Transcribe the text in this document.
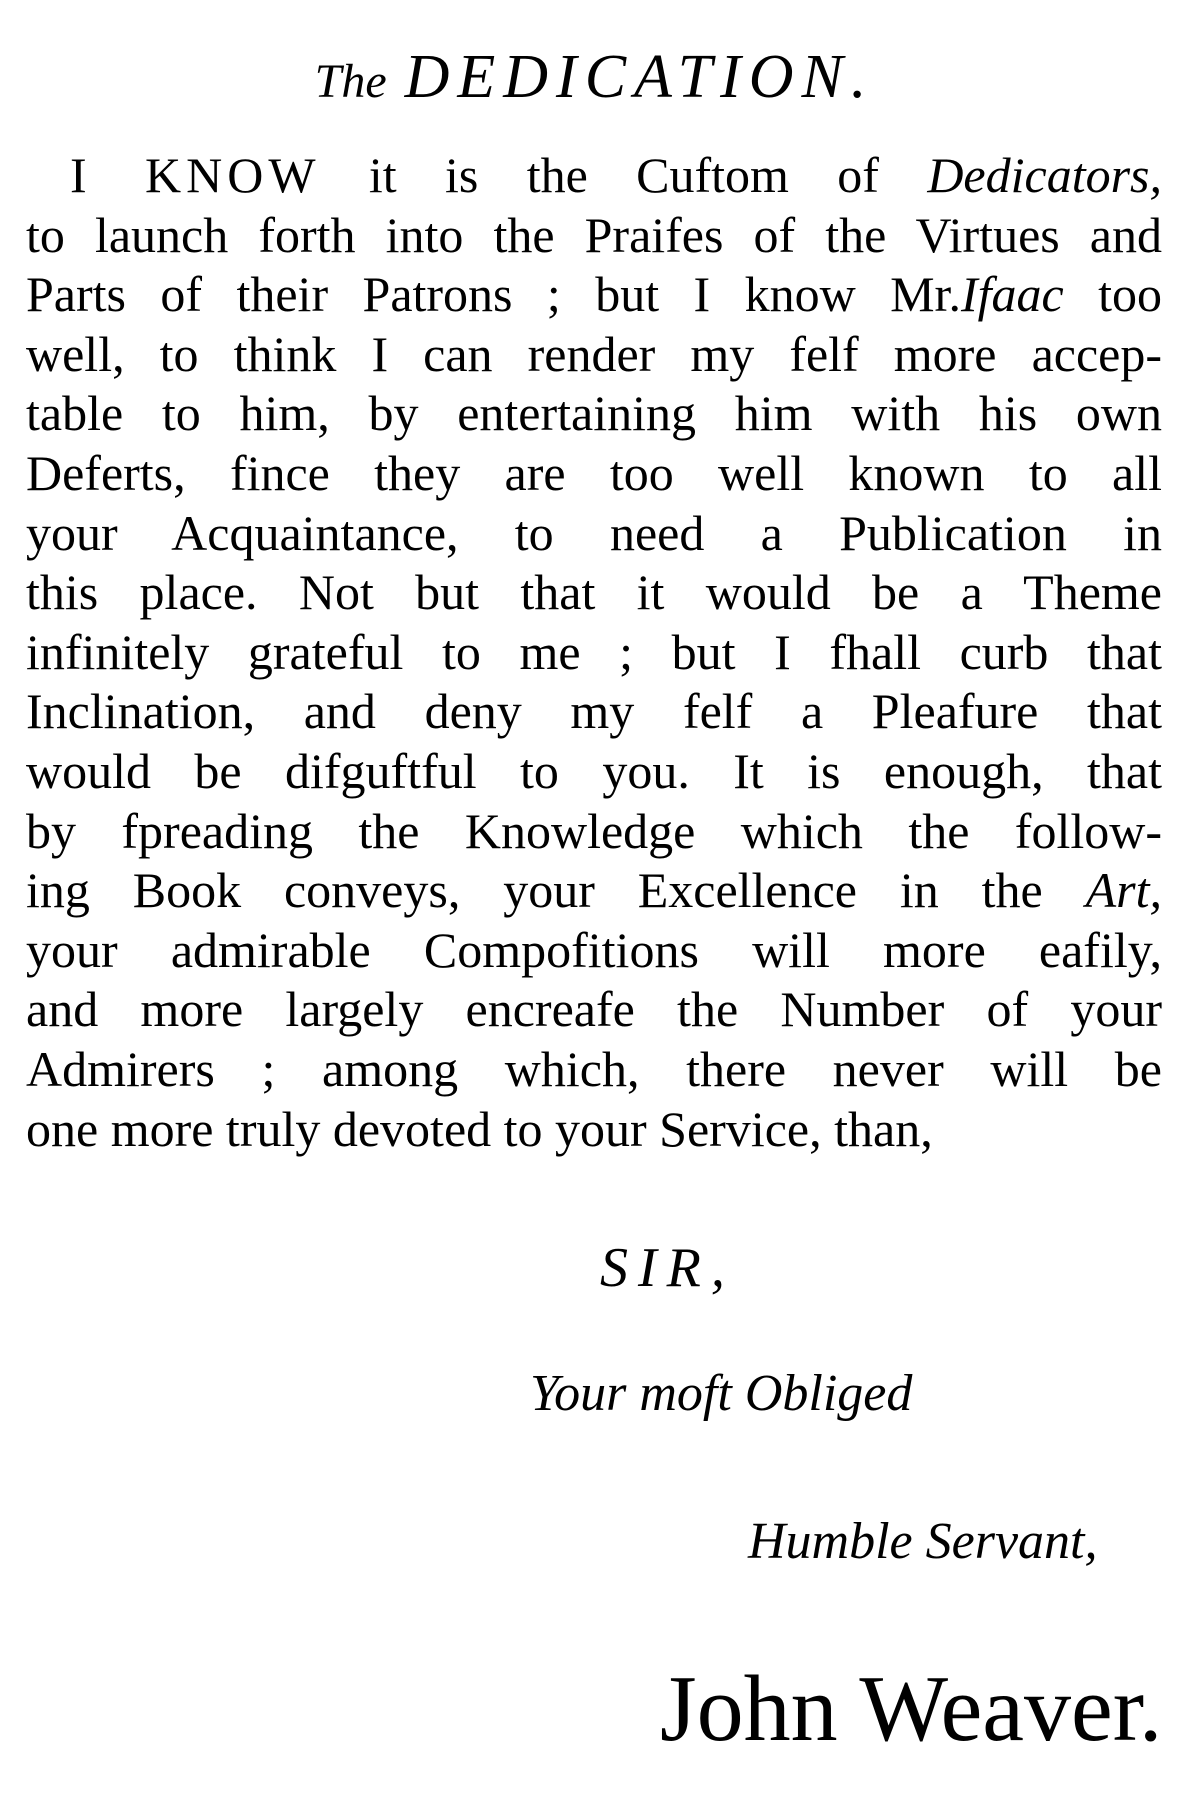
The DEDICATION.
I KNOW it is the Cuftom of Dedicators,
to launch forth into the Praifes of the Virtues and
Parts of their Patrons ; but I know Mr.Ifaac too
well, to think I can render my felf more accep-
table to him, by entertaining him with his own
Deferts, fince they are too well known to all
your Acquaintance, to need a Publication in
this place. Not but that it would be a Theme
infinitely grateful to me ; but I fhall curb that
Inclination, and deny my felf a Pleafure that
would be difguftful to you. It is enough, that
by fpreading the Knowledge which the follow-
ing Book conveys, your Excellence in the Art,
your admirable Compofitions will more eafily,
and more largely encreafe the Number of your
Admirers ; among which, there never will be
one more truly devoted to your Service, than,
SIR,
Your moft Obliged
Humble Servant,
John Weaver.
